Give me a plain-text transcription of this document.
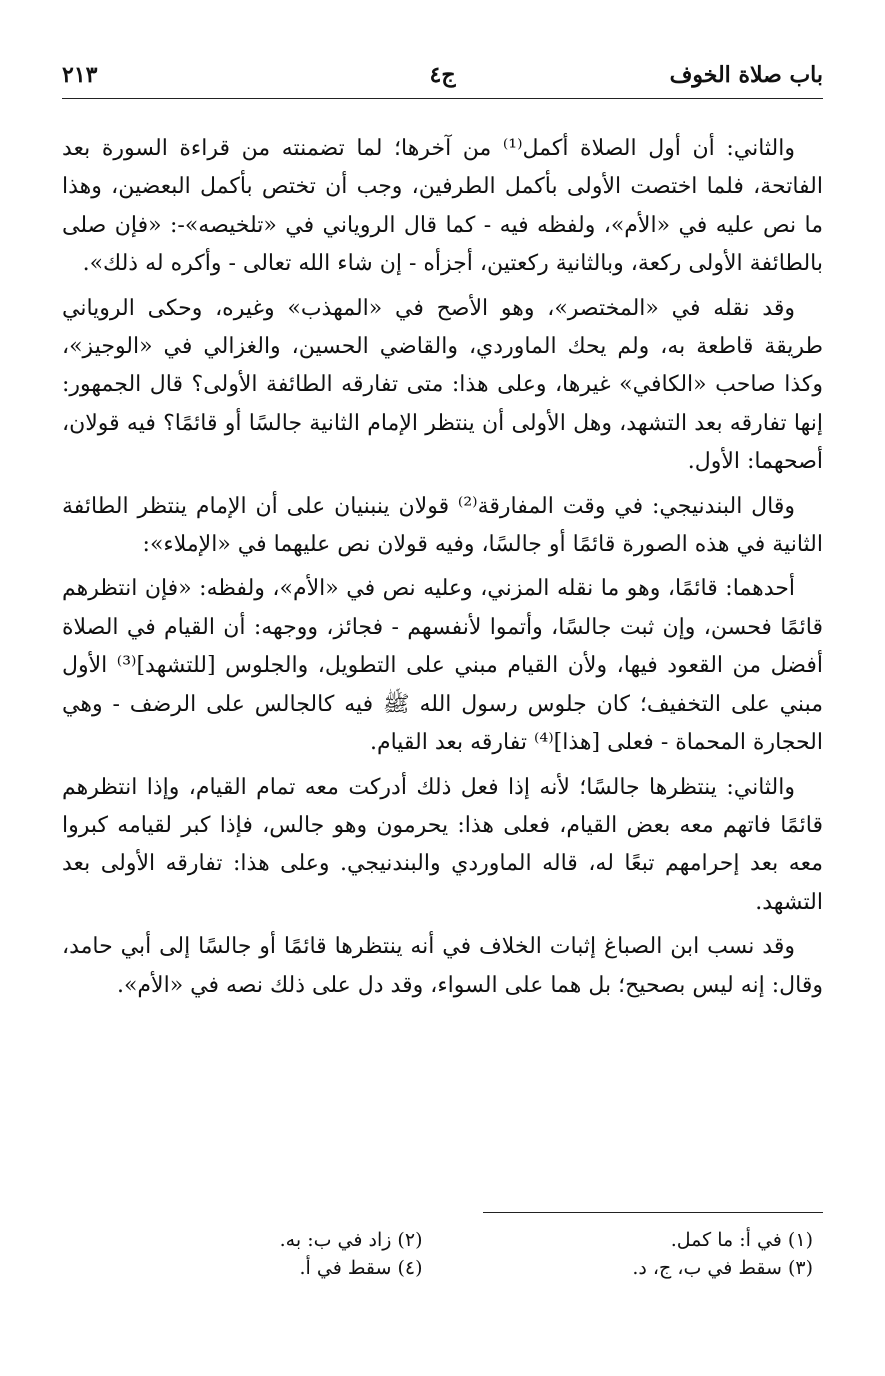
باب صلاة الخوف
ج٤
٢١٣

والثاني: أن أول الصلاة أكمل⁽¹⁾ من آخرها؛ لما تضمنته من قراءة السورة بعد الفاتحة، فلما اختصت الأولى بأكمل الطرفين، وجب أن تختص بأكمل البعضين، وهذا ما نص عليه في «الأم»، ولفظه فيه - كما قال الروياني في «تلخيصه»-: «فإن صلى بالطائفة الأولى ركعة، وبالثانية ركعتين، أجزأه - إن شاء الله تعالى - وأكره له ذلك».

وقد نقله في «المختصر»، وهو الأصح في «المهذب» وغيره، وحكى الروياني طريقة قاطعة به، ولم يحك الماوردي، والقاضي الحسين، والغزالي في «الوجيز»، وكذا صاحب «الكافي» غيرها، وعلى هذا: متى تفارقه الطائفة الأولى؟ قال الجمهور: إنها تفارقه بعد التشهد، وهل الأولى أن ينتظر الإمام الثانية جالسًا أو قائمًا؟ فيه قولان، أصحهما: الأول.

وقال البندنيجي: في وقت المفارقة⁽²⁾ قولان ينبنيان على أن الإمام ينتظر الطائفة الثانية في هذه الصورة قائمًا أو جالسًا، وفيه قولان نص عليهما في «الإملاء»:

أحدهما: قائمًا، وهو ما نقله المزني، وعليه نص في «الأم»، ولفظه: «فإن انتظرهم قائمًا فحسن، وإن ثبت جالسًا، وأتموا لأنفسهم - فجائز، ووجهه: أن القيام في الصلاة أفضل من القعود فيها، ولأن القيام مبني على التطويل، والجلوس [للتشهد]⁽³⁾ الأول مبني على التخفيف؛ كان جلوس رسول الله ﷺ فيه كالجالس على الرضف - وهي الحجارة المحماة - فعلى [هذا]⁽⁴⁾ تفارقه بعد القيام.

والثاني: ينتظرها جالسًا؛ لأنه إذا فعل ذلك أدركت معه تمام القيام، وإذا انتظرهم قائمًا فاتهم معه بعض القيام، فعلى هذا: يحرمون وهو جالس، فإذا كبر لقيامه كبروا معه بعد إحرامهم تبعًا له، قاله الماوردي والبندنيجي. وعلى هذا: تفارقه الأولى بعد التشهد.

وقد نسب ابن الصباغ إثبات الخلاف في أنه ينتظرها قائمًا أو جالسًا إلى أبي حامد، وقال: إنه ليس بصحيح؛ بل هما على السواء، وقد دل على ذلك نصه في «الأم».

(١) في أ: ما كمل.
(٢) زاد في ب: به.
(٣) سقط في ب، ج، د.
(٤) سقط في أ.
